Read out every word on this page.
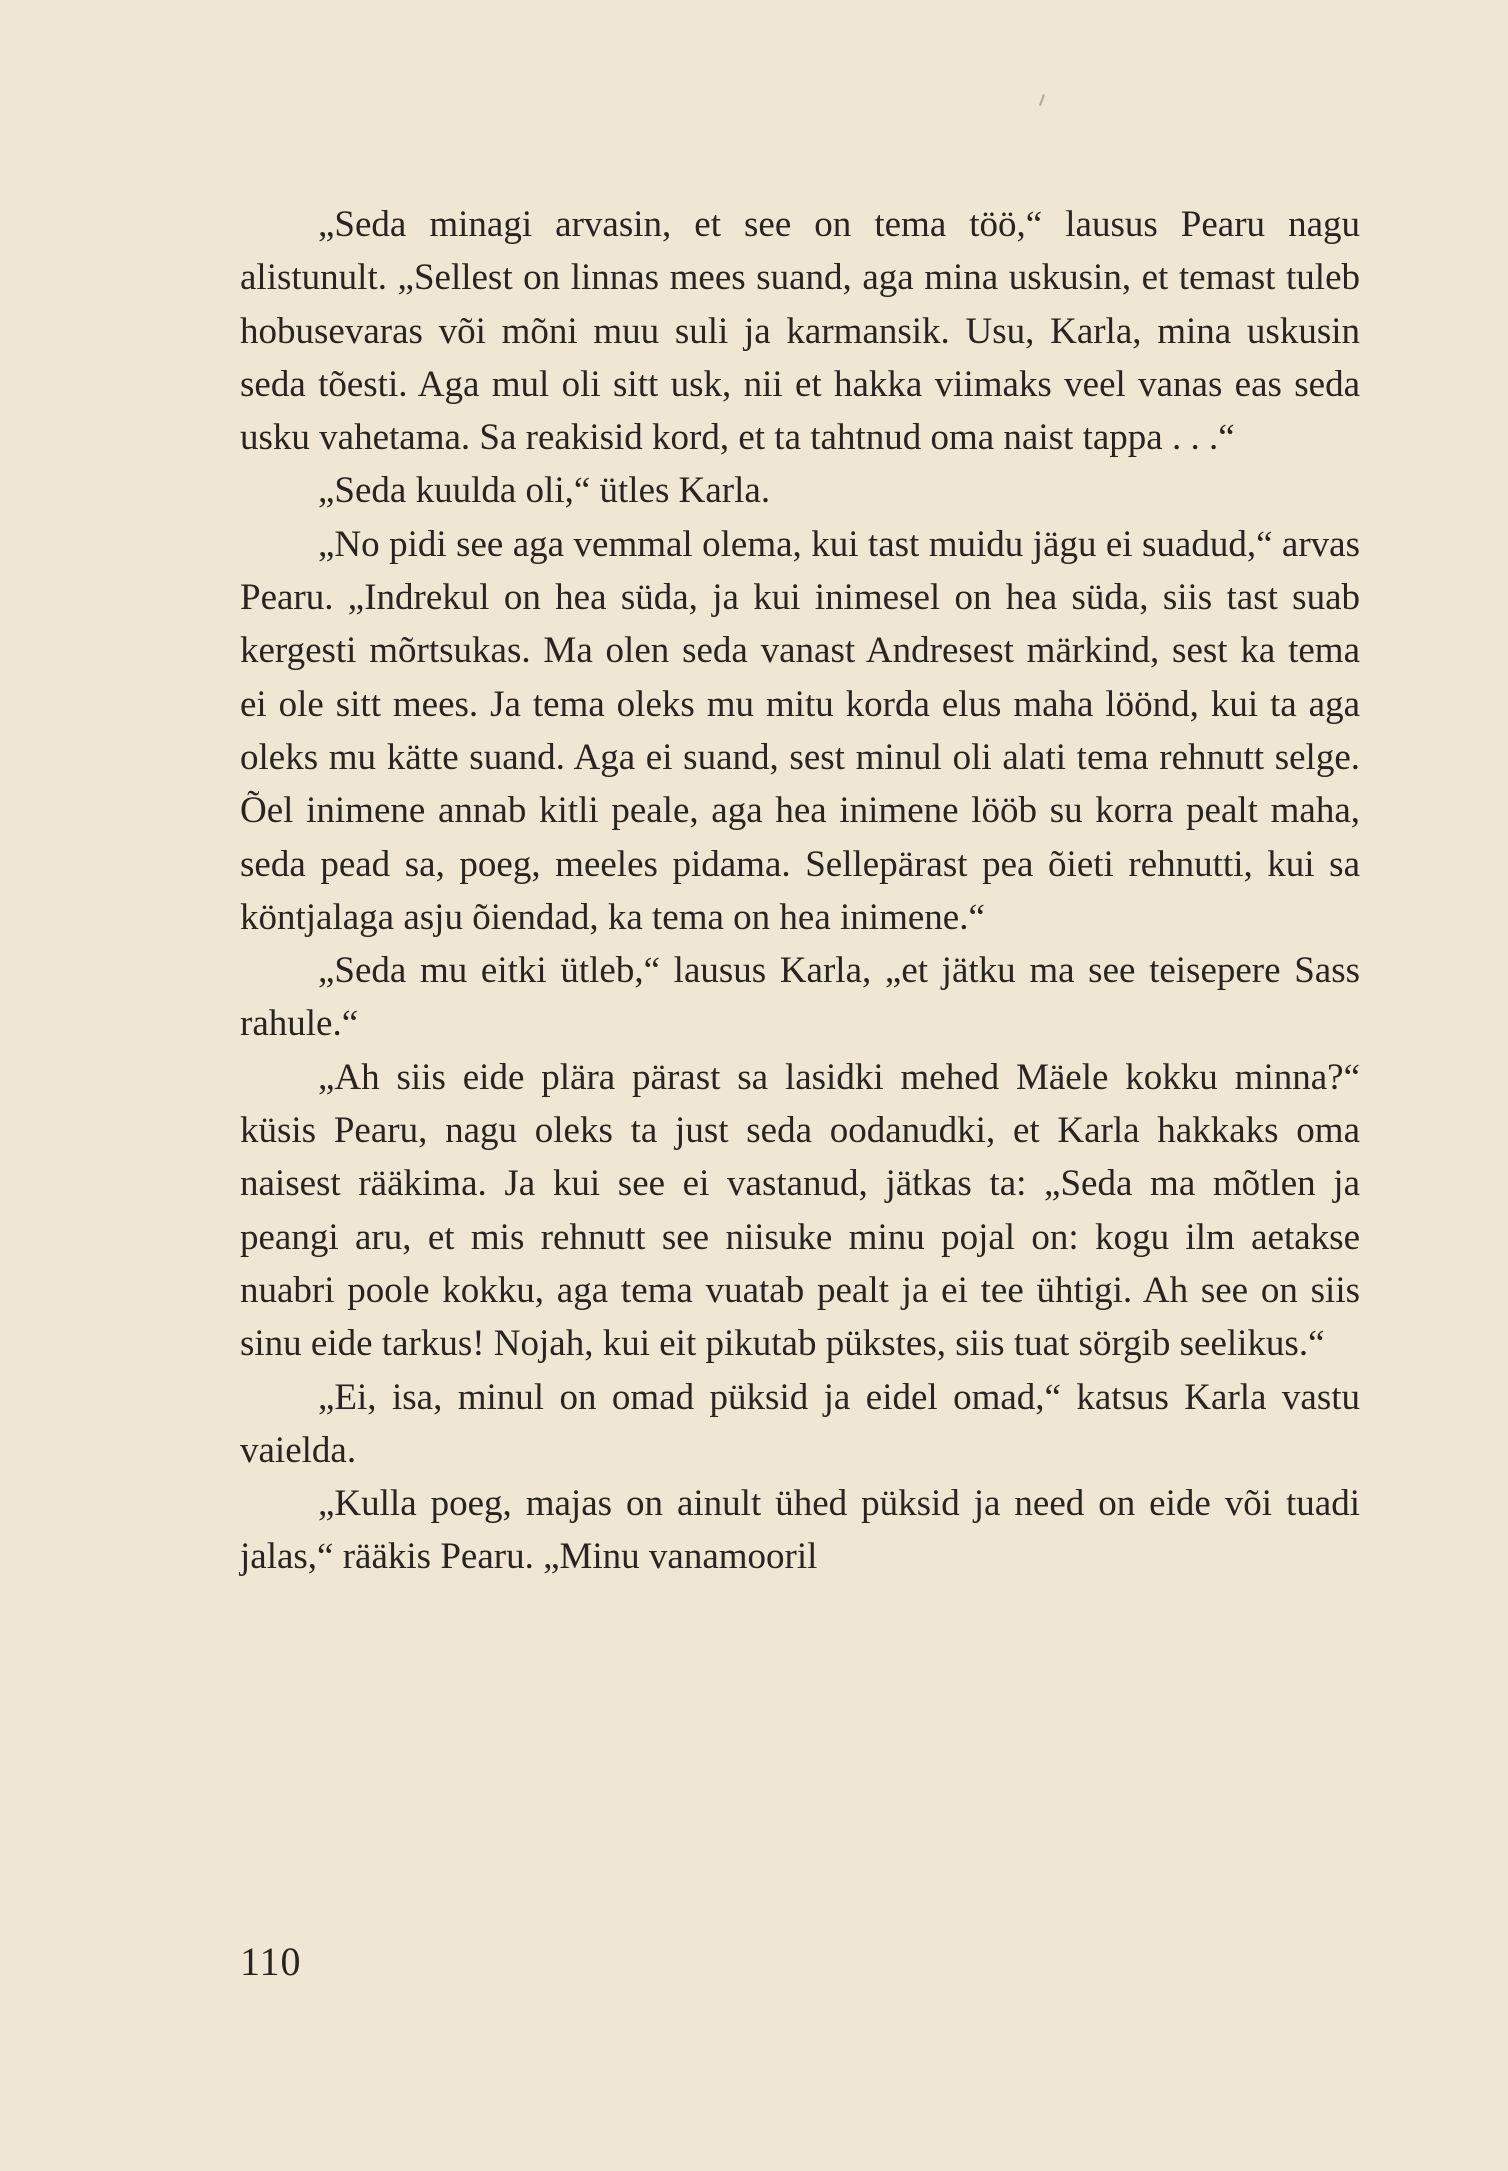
„Seda minagi arvasin, et see on tema töö,“ lausus Pearu nagu alistunult. „Sellest on linnas mees suand, aga mina uskusin, et temast tuleb hobusevaras või mõni muu suli ja karmansik. Usu, Karla, mina uskusin seda tõesti. Aga mul oli sitt usk, nii et hakka viimaks veel vanas eas seda usku vahetama. Sa reakisid kord, et ta tahtnud oma naist tappa . . .“

„Seda kuulda oli,“ ütles Karla.

„No pidi see aga vemmal olema, kui tast muidu jägu ei suadud,“ arvas Pearu. „Indrekul on hea süda, ja kui inimesel on hea süda, siis tast suab kergesti mõrtsukas. Ma olen seda vanast Andresest märkind, sest ka tema ei ole sitt mees. Ja tema oleks mu mitu korda elus maha löönd, kui ta aga oleks mu kätte suand. Aga ei suand, sest minul oli alati tema rehnutt selge. Õel inimene annab kitli peale, aga hea inimene lööb su korra pealt maha, seda pead sa, poeg, meeles pidama. Sellepärast pea õieti rehnutti, kui sa köntjalaga asju õiendad, ka tema on hea inimene.“

„Seda mu eitki ütleb,“ lausus Karla, „et jätku ma see teisepere Sass rahule.“

„Ah siis eide plära pärast sa lasidki mehed Mäele kokku minna?“ küsis Pearu, nagu oleks ta just seda oodanudki, et Karla hakkaks oma naisest rääkima. Ja kui see ei vastanud, jätkas ta: „Seda ma mõtlen ja peangi aru, et mis rehnutt see niisuke minu pojal on: kogu ilm aetakse nuabri poole kokku, aga tema vuatab pealt ja ei tee ühtigi. Ah see on siis sinu eide tarkus! Nojah, kui eit pikutab pükstes, siis tuat sörgib seelikus.“

„Ei, isa, minul on omad püksid ja eidel omad,“ katsus Karla vastu vaielda.

„Kulla poeg, majas on ainult ühed püksid ja need on eide või tuadi jalas,“ rääkis Pearu. „Minu vanamooril

110
